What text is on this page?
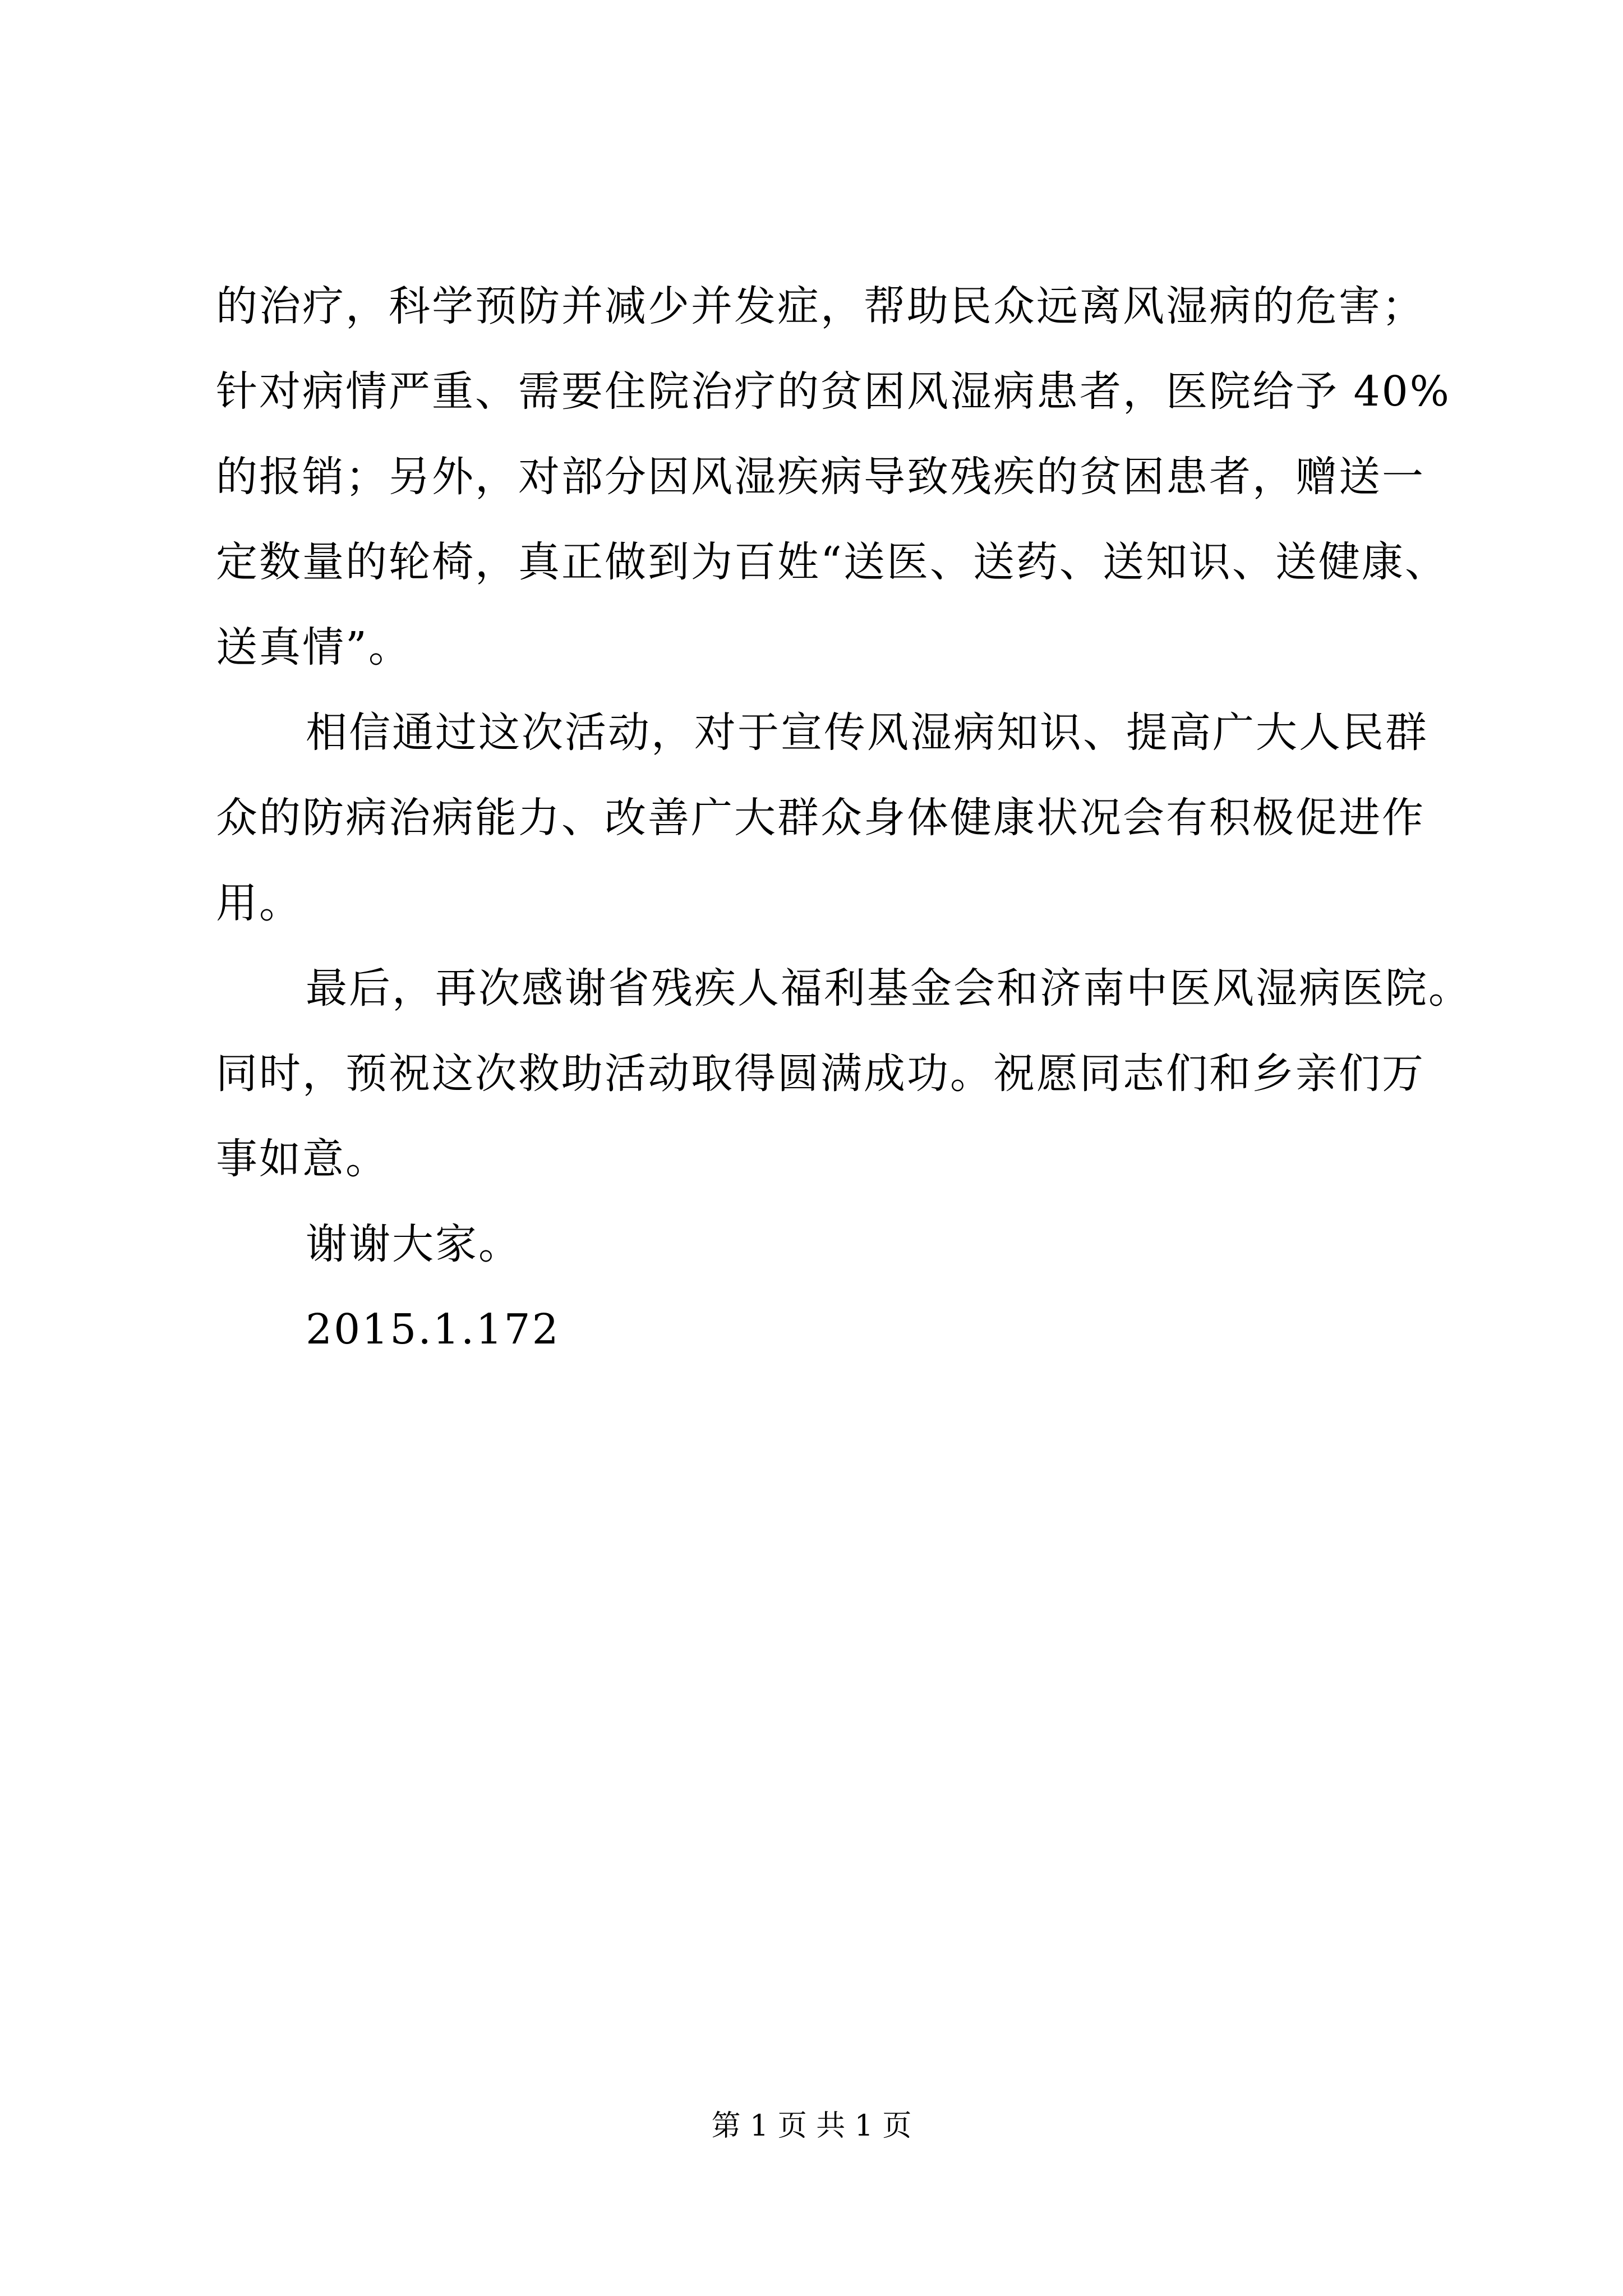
的治疗，科学预防并减少并发症，帮助民众远离风湿病的危害；
针对病情严重、需要住院治疗的贫困风湿病患者，医院给予 40%
的报销；另外，对部分因风湿疾病导致残疾的贫困患者，赠送一
定数量的轮椅，真正做到为百姓“送医、送药、送知识、送健康、
送真情”。
相信通过这次活动，对于宣传风湿病知识、提高广大人民群
众的防病治病能力、改善广大群众身体健康状况会有积极促进作
用。
最后，再次感谢省残疾人福利基金会和济南中医风湿病医院。
同时，预祝这次救助活动取得圆满成功。祝愿同志们和乡亲们万
事如意。
谢谢大家。
2015.1.172
第 1 页 共 1 页
